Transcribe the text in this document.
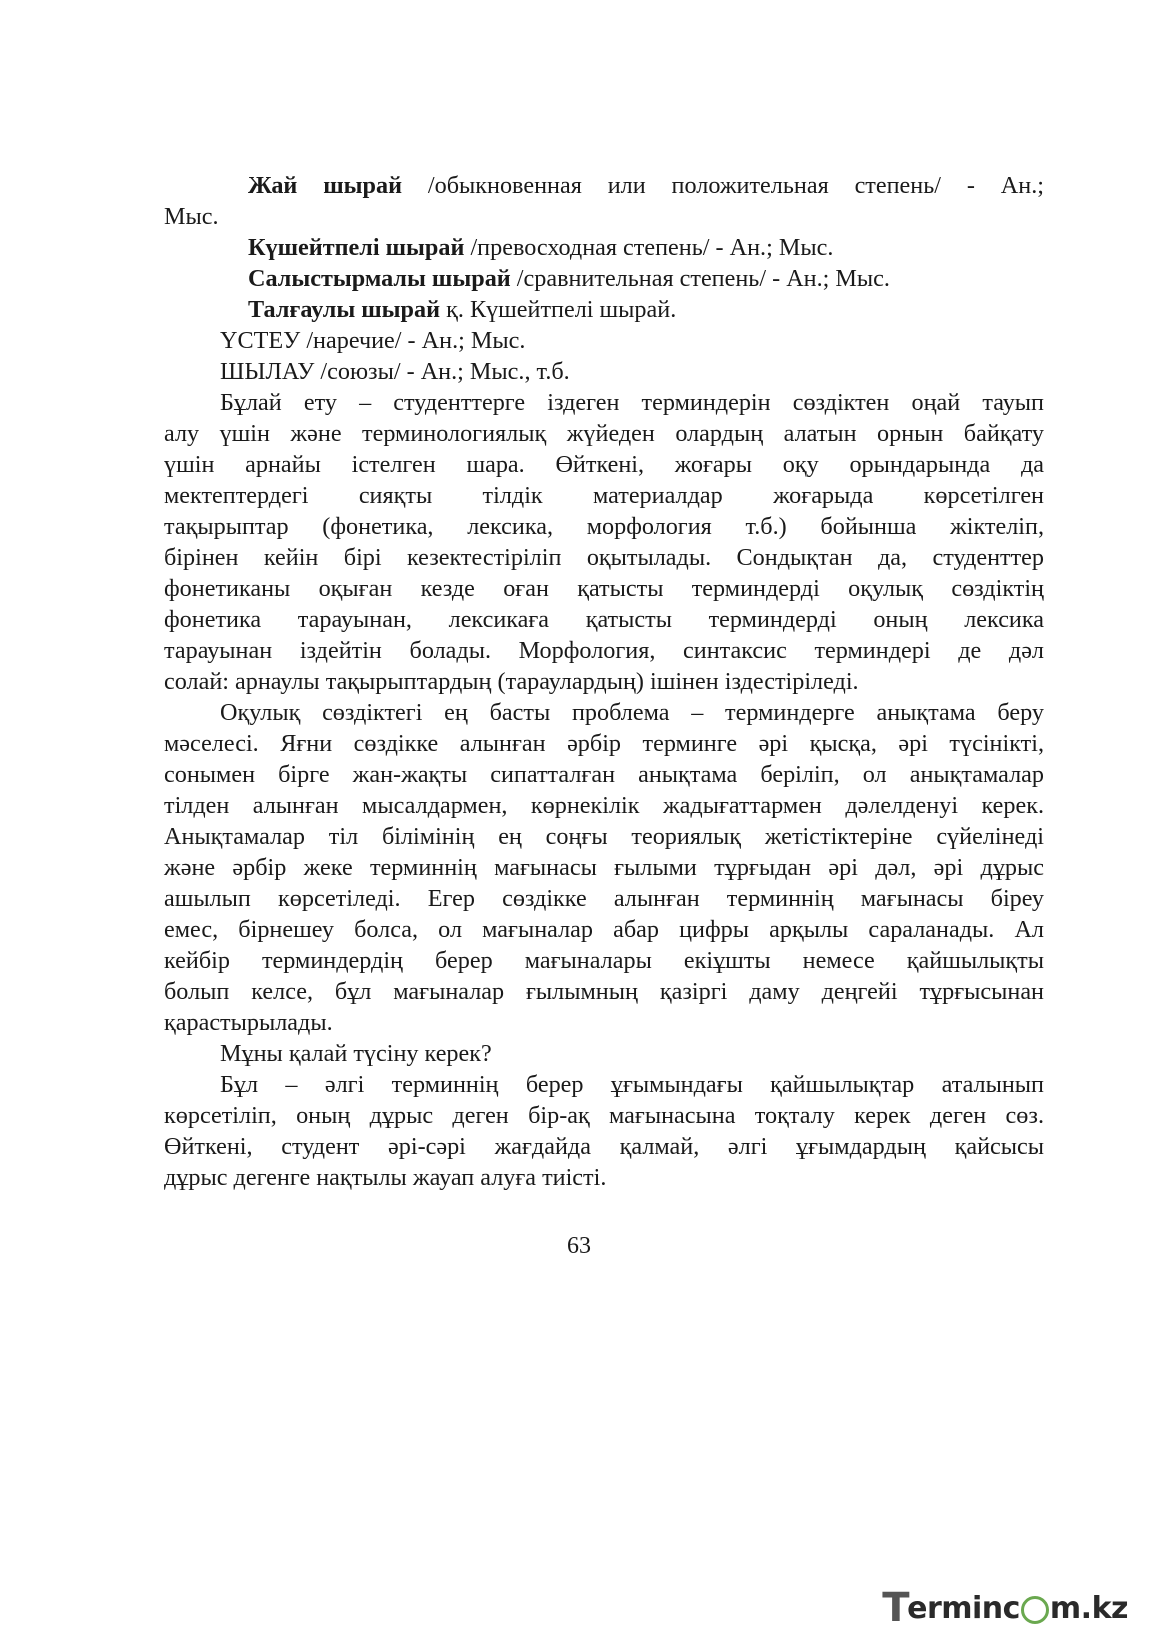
Жай шырай /обыкновенная или положительная степень/ - Ан.;
Мыс.
Күшейтпелі шырай /превосходная степень/ - Ан.; Мыс.
Салыстырмалы шырай /сравнительная степень/ - Ан.; Мыс.
Талғаулы шырай қ. Күшейтпелі шырай.
ҮСТЕУ /наречие/ - Ан.; Мыс.
ШЫЛАУ /союзы/ - Ан.; Мыс., т.б.
Бұлай ету – студенттерге іздеген терминдерін сөздіктен оңай тауып
алу үшін және терминологиялық жүйеден олардың алатын орнын байқату
үшін арнайы істелген шара. Өйткені, жоғары оқу орындарында да
мектептердегі сияқты тілдік материалдар жоғарыда көрсетілген
тақырыптар (фонетика, лексика, морфология т.б.) бойынша жіктеліп,
бірінен кейін бірі кезектестіріліп оқытылады. Сондықтан да, студенттер
фонетиканы оқыған кезде оған қатысты терминдерді оқулық сөздіктің
фонетика тарауынан, лексикаға қатысты терминдерді оның лексика
тарауынан іздейтін болады. Морфология, синтаксис терминдері де дәл
солай: арнаулы тақырыптардың (тараулардың) ішінен іздестіріледі.
Оқулық сөздіктегі ең басты проблема – терминдерге анықтама беру
мәселесі. Яғни сөздікке алынған әрбір терминге әрі қысқа, әрі түсінікті,
сонымен бірге жан-жақты сипатталған анықтама беріліп, ол анықтамалар
тілден алынған мысалдармен, көрнекілік жадығаттармен дәлелденуі керек.
Анықтамалар тіл білімінің ең соңғы теориялық жетістіктеріне сүйелінеді
және әрбір жеке терминнің мағынасы ғылыми тұрғыдан әрі дәл, әрі дұрыс
ашылып көрсетіледі. Егер сөздікке алынған терминнің мағынасы біреу
емес, бірнешеу болса, ол мағыналар абар цифры арқылы сараланады. Ал
кейбір терминдердің берер мағыналары екіұшты немесе қайшылықты
болып келсе, бұл мағыналар ғылымның қазіргі даму деңгейі тұрғысынан
қарастырылады.
Мұны қалай түсіну керек?
Бұл – әлгі терминнің берер ұғымындағы қайшылықтар аталынып
көрсетіліп, оның дұрыс деген бір-ақ мағынасына тоқталу керек деген сөз.
Өйткені, студент әрі-сәрі жағдайда қалмай, әлгі ұғымдардың қайсысы
дұрыс дегенге нақтылы жауап алуға тиісті.
63
T
erminc m.kz
